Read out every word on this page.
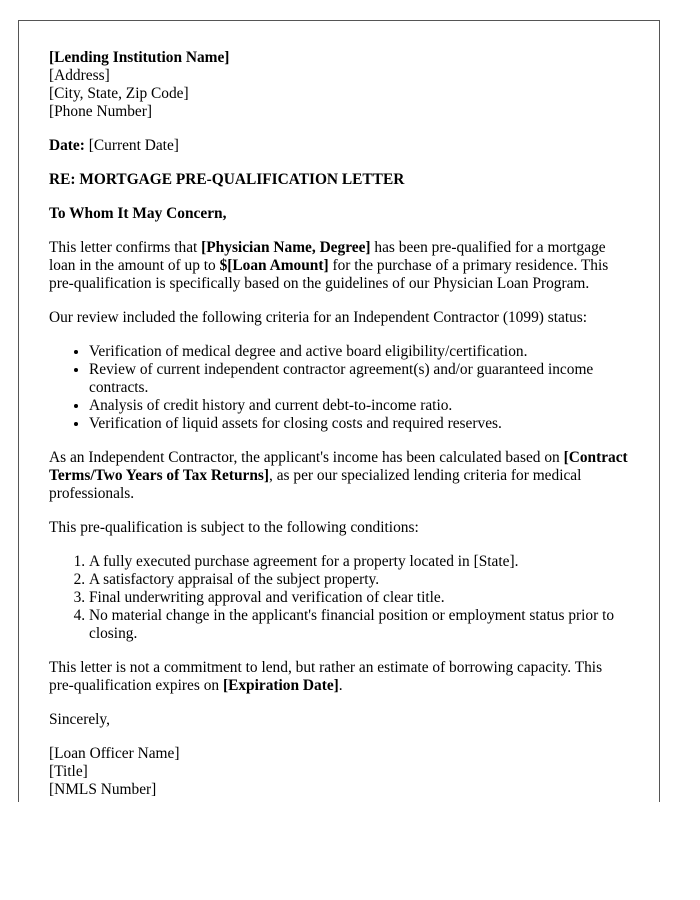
[Lending Institution Name]
[Address]
[City, State, Zip Code]
[Phone Number]

Date: [Current Date]

RE: MORTGAGE PRE-QUALIFICATION LETTER

To Whom It May Concern,

This letter confirms that [Physician Name, Degree] has been pre-qualified for a mortgage loan in the amount of up to $[Loan Amount] for the purchase of a primary residence. This pre-qualification is specifically based on the guidelines of our Physician Loan Program.

Our review included the following criteria for an Independent Contractor (1099) status:

• Verification of medical degree and active board eligibility/certification.
• Review of current independent contractor agreement(s) and/or guaranteed income contracts.
• Analysis of credit history and current debt-to-income ratio.
• Verification of liquid assets for closing costs and required reserves.

As an Independent Contractor, the applicant's income has been calculated based on [Contract Terms/Two Years of Tax Returns], as per our specialized lending criteria for medical professionals.

This pre-qualification is subject to the following conditions:

1. A fully executed purchase agreement for a property located in [State].
2. A satisfactory appraisal of the subject property.
3. Final underwriting approval and verification of clear title.
4. No material change in the applicant's financial position or employment status prior to closing.

This letter is not a commitment to lend, but rather an estimate of borrowing capacity. This pre-qualification expires on [Expiration Date].

Sincerely,

[Loan Officer Name]
[Title]
[NMLS Number]
